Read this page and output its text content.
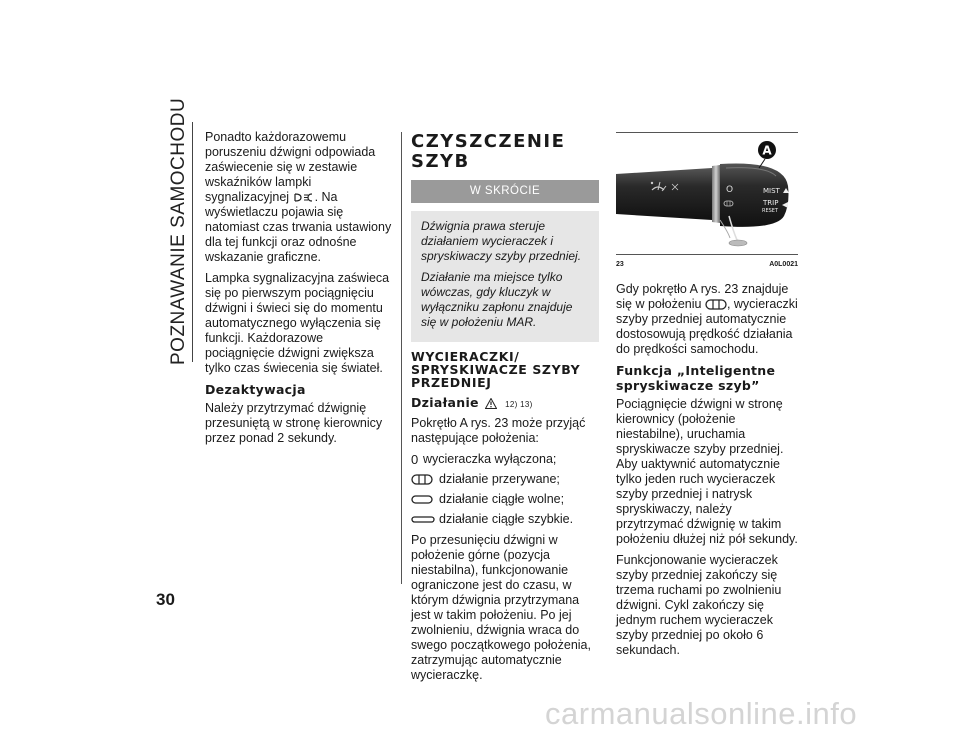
POZNAWANIE SAMOCHODU
30

Ponadto każdorazowemu poruszeniu dźwigni odpowiada zaświecenie się w zestawie wskaźników lampki sygnalizacyjnej . Na wyświetlaczu pojawia się natomiast czas trwania ustawiony dla tej funkcji oraz odnośne wskazanie graficzne.

Lampka sygnalizacyjna zaświeca się po pierwszym pociągnięciu dźwigni i świeci się do momentu automatycznego wyłączenia się funkcji. Każdorazowe pociągnięcie dźwigni zwiększa tylko czas świecenia się świateł.

Dezaktywacja

Należy przytrzymać dźwignię przesuniętą w stronę kierownicy przez ponad 2 sekundy.

CZYSZCZENIE SZYB
W SKRÓCIE

Dźwignia prawa steruje działaniem wycieraczek i spryskiwaczy szyby przedniej.

Działanie ma miejsce tylko wówczas, gdy kluczyk w wyłączniku zapłonu znajduje się w położeniu MAR.

WYCIERACZKI/ SPRYSKIWACZE SZYBY PRZEDNIEJ
Działanie	12) 13)

Pokrętło A rys. 23 może przyjąć następujące położenia:

0 wycieraczka wyłączona;
działanie przerywane;
działanie ciągłe wolne;
działanie ciągłe szybkie.

Po przesunięciu dźwigni w położenie górne (pozycja niestabilna), funkcjonowanie ograniczone jest do czasu, w którym dźwignia przytrzymana jest w takim położeniu. Po jej zwolnieniu, dźwignia wraca do swego początkowego położenia, zatrzymując automatycznie wycieraczkę.

O	MIST
TRIP
RESET
A
23	A0L0021

Gdy pokrętło A rys. 23 znajduje się w położeniu , wycieraczki szyby przedniej automatycznie dostosowują prędkość działania do prędkości samochodu.

Funkcja „Inteligentne spryskiwacze szyb”

Pociągnięcie dźwigni w stronę kierownicy (położenie niestabilne), uruchamia spryskiwacze szyby przedniej. Aby uaktywnić automatycznie tylko jeden ruch wycieraczek szyby przedniej i natrysk spryskiwaczy, należy przytrzymać dźwignię w takim położeniu dłużej niż pół sekundy.

Funkcjonowanie wycieraczek szyby przedniej zakończy się trzema ruchami po zwolnieniu dźwigni. Cykl zakończy się jednym ruchem wycieraczek szyby przedniej po około 6 sekundach.

carmanualsonline.info
